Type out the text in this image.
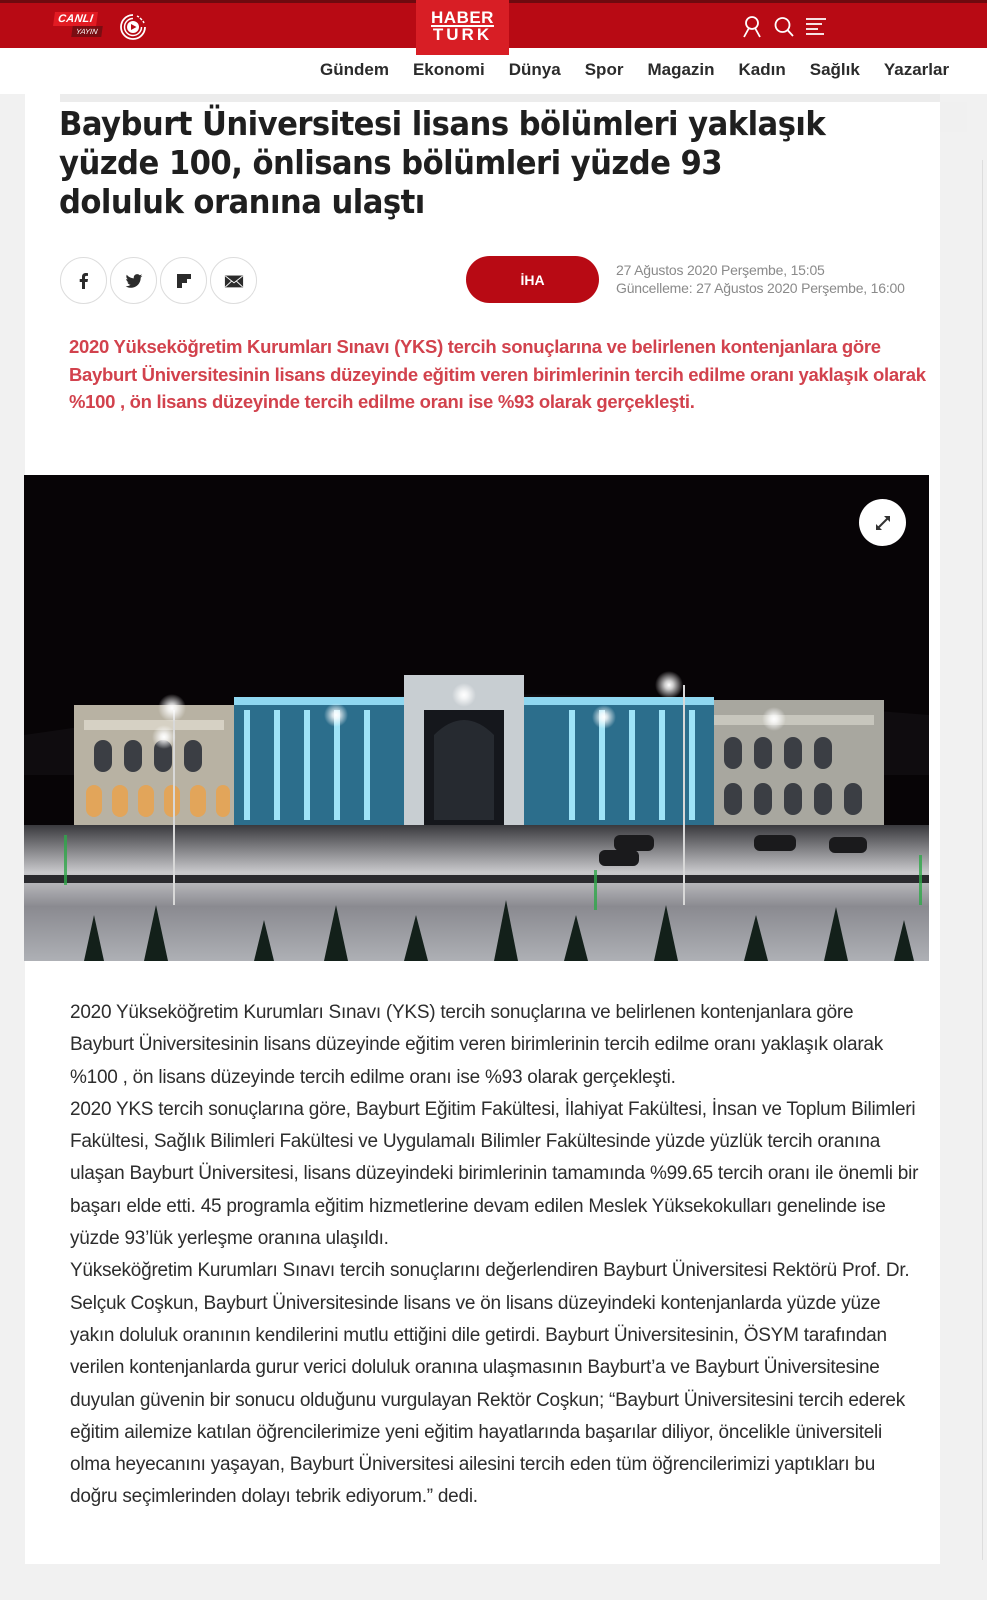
CANLI
YAYIN
HABER
TURK
Gündem Ekonomi Dünya Spor Magazin Kadın Sağlık Yazarlar
Bayburt Üniversitesi lisans bölümleri yaklaşık yüzde 100, önlisans bölümleri yüzde 93 doluluk oranına ulaştı
İHA
27 Ağustos 2020 Perşembe, 15:05
Güncelleme: 27 Ağustos 2020 Perşembe, 16:00
2020 Yükseköğretim Kurumları Sınavı (YKS) tercih sonuçlarına ve belirlenen kontenjanlara göre Bayburt Üniversitesinin lisans düzeyinde eğitim veren birimlerinin tercih edilme oranı yaklaşık olarak %100 , ön lisans düzeyinde tercih edilme oranı ise %93 olarak gerçekleşti.

2020 Yükseköğretim Kurumları Sınavı (YKS) tercih sonuçlarına ve belirlenen kontenjanlara göre Bayburt Üniversitesinin lisans düzeyinde eğitim veren birimlerinin tercih edilme oranı yaklaşık olarak %100 , ön lisans düzeyinde tercih edilme oranı ise %93 olarak gerçekleşti.

2020 YKS tercih sonuçlarına göre, Bayburt Eğitim Fakültesi, İlahiyat Fakültesi, İnsan ve Toplum Bilimleri Fakültesi, Sağlık Bilimleri Fakültesi ve Uygulamalı Bilimler Fakültesinde yüzde yüzlük tercih oranına ulaşan Bayburt Üniversitesi, lisans düzeyindeki birimlerinin tamamında %99.65 tercih oranı ile önemli bir başarı elde etti. 45 programla eğitim hizmetlerine devam edilen Meslek Yüksekokulları genelinde ise yüzde 93’lük yerleşme oranına ulaşıldı.

Yükseköğretim Kurumları Sınavı tercih sonuçlarını değerlendiren Bayburt Üniversitesi Rektörü Prof. Dr. Selçuk Coşkun, Bayburt Üniversitesinde lisans ve ön lisans düzeyindeki kontenjanlarda yüzde yüze yakın doluluk oranının kendilerini mutlu ettiğini dile getirdi. Bayburt Üniversitesinin, ÖSYM tarafından verilen kontenjanlarda gurur verici doluluk oranına ulaşmasının Bayburt’a ve Bayburt Üniversitesine duyulan güvenin bir sonucu olduğunu vurgulayan Rektör Coşkun; “Bayburt Üniversitesini tercih ederek eğitim ailemize katılan öğrencilerimize yeni eğitim hayatlarında başarılar diliyor, öncelikle üniversiteli olma heyecanını yaşayan, Bayburt Üniversitesi ailesini tercih eden tüm öğrencilerimizi yaptıkları bu doğru seçimlerinden dolayı tebrik ediyorum.” dedi.
